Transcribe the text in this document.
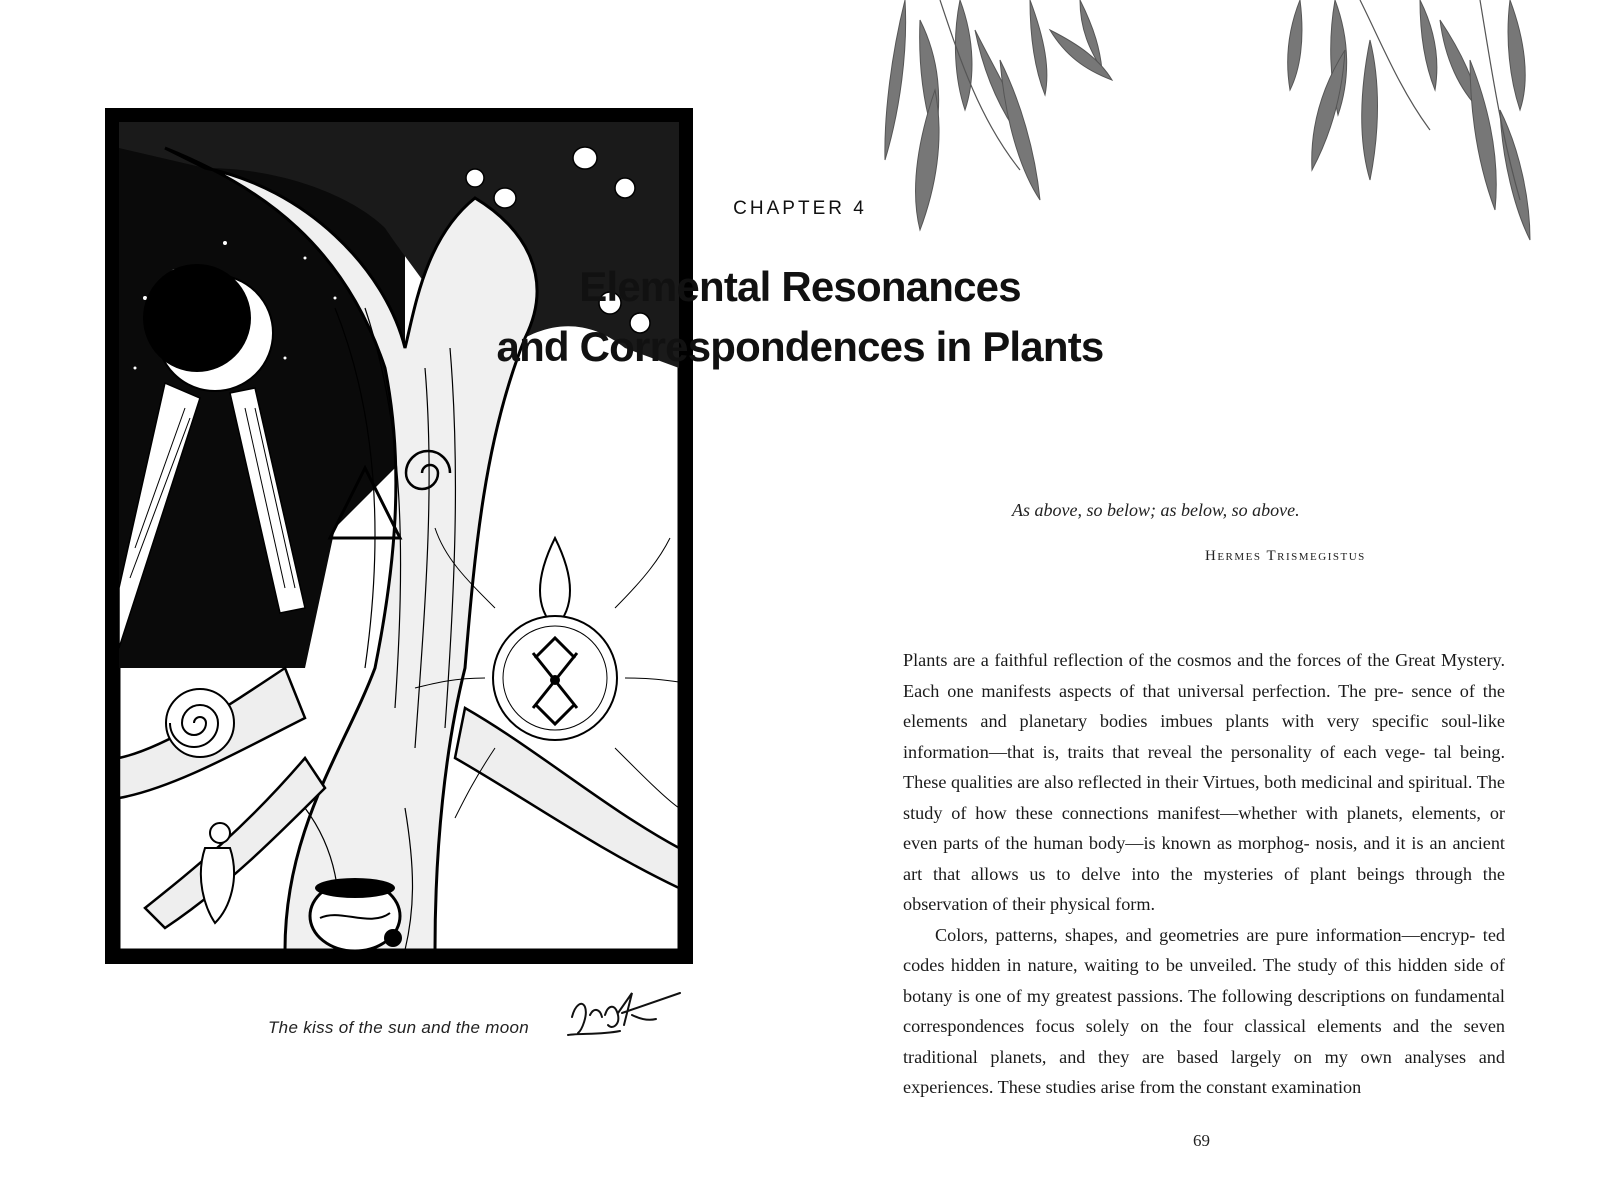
The kiss of the sun and the moon
CHAPTER 4
Elemental Resonances
and Correspondences in Plants
As above, so below; as below, so above.
Hermes Trismegistus

Plants are a faithful reflection of the cosmos and the forces of the Great Mystery. Each one manifests aspects of that universal perfection. The pre- sence of the elements and planetary bodies imbues plants with very specific soul-like information—that is, traits that reveal the personality of each vege- tal being. These qualities are also reflected in their Virtues, both medicinal and spiritual. The study of how these connections manifest—whether with planets, elements, or even parts of the human body—is known as morphog- nosis, and it is an ancient art that allows us to delve into the mysteries of plant beings through the observation of their physical form.

Colors, patterns, shapes, and geometries are pure information—encryp- ted codes hidden in nature, waiting to be unveiled. The study of this hidden side of botany is one of my greatest passions. The following descriptions on fundamental correspondences focus solely on the four classical elements and the seven traditional planets, and they are based largely on my own analyses and experiences. These studies arise from the constant examination

69
